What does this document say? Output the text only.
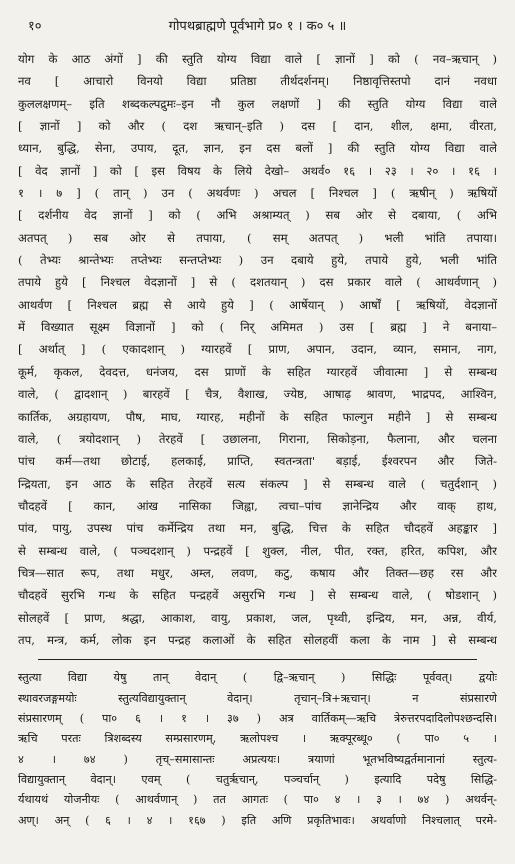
१०	गोपथब्राह्मणे पूर्वभागे प्र० १ । क० ५ ॥
योग के आठ अंगों ] की स्तुति योग्य विद्या वाले [ ज्ञानों ] को ( नव–ऋचान् )
नव [ आचारो विनयो विद्या प्रतिष्ठा तीर्थदर्शनम्। निष्ठावृत्तिस्तपो दानं नवधा
कुललक्षणम्– इति शब्दकल्पद्रुमः–इन नौ कुल लक्षणों ] की स्तुति योग्य विद्या वाले
[ ज्ञानों ] को और ( दश ऋचान्–इति ) दस [ दान, शील, क्षमा, वीरता,
ध्यान, बुद्धि, सेना, उपाय, दूत, ज्ञान, इन दस बलों ] की स्तुति योग्य विद्या वाले
[ वेद ज्ञानों ] को [ इस विषय के लिये देखो– अथर्व० १६ । २३ । २० । १६ ।
१ । ७ ] ( तान् ) उन ( अथर्वणः ) अचल [ निश्चल ] ( ऋषीन् ) ऋषियों
[ दर्शनीय वेद ज्ञानों ] को ( अभि अश्राम्यत् ) सब ओर से दबाया, ( अभि
अतपत् ) सब ओर से तपाया, ( सम् अतपत् ) भली भांति तपाया।
( तेभ्यः श्रान्तेभ्यः तप्तेभ्यः सन्तप्तेभ्यः ) उन दबाये हुये, तपाये हुये, भली भांति
तपाये हुये [ निश्चल वेदज्ञानों ] से ( दशतयान् ) दस प्रकार वाले ( आथर्वणान् )
आथर्वण [ निश्चल ब्रह्म से आये हुये ] ( आर्षेयान् ) आर्षों [ ऋषियों, वेदज्ञानों
में विख्यात सूक्ष्म विज्ञानों ] को ( निर् अमिमत ) उस [ ब्रह्म ] ने बनाया–
[ अर्थात् ] ( एकादशान् ) ग्यारहवें [ प्राण, अपान, उदान, व्यान, समान, नाग,
कूर्म, कृकल, देवदत्त, धनंजय, दस प्राणों के सहित ग्यारहवें जीवात्मा ] से सम्बन्ध
वाले, ( द्वादशान् ) बारहवें [ चैत्र, वैशाख, ज्येष्ठ, आषाढ़ श्रावण, भाद्रपद, आश्विन,
कार्तिक, अग्रहायण, पौष, माघ, ग्यारह, महीनों के सहित फाल्गुन महीने ] से सम्बन्ध
वाले, ( त्रयोदशान् ) तेरहवें [ उछालना, गिराना, सिकोड़ना, फैलाना, और चलना
पांच कर्म—तथा छोटाई, हलकाई, प्राप्ति, स्वतन्त्रता' बड़ाई, ईश्वरपन और जिते-
न्द्रियता, इन आठ के सहित तेरहवें सत्य संकल्प ] से सम्बन्ध वाले ( चतुर्दशान् )
चौदहवें [ कान, आंख नासिका जिह्वा, त्वचा–पांच ज्ञानेन्द्रिय और वाक् हाथ,
पांव, पायु, उपस्थ पांच कर्मेन्द्रिय तथा मन, बुद्धि, चित्त के सहित चौदहवें अहङ्कार ]
से सम्बन्ध वाले, ( पञ्चदशान् ) पन्द्रहवें [ शुक्ल, नील, पीत, रक्त, हरित, कपिश, और
चित्र—सात रूप, तथा मधुर, अम्ल, लवण, कटु, कषाय और तिक्त—छह रस और
चौदहवें सुरभि गन्ध के सहित पन्द्रहवें असुरभि गन्ध ] से सम्बन्ध वाले, ( षोडशान् )
सोलहवें [ प्राण, श्रद्धा, आकाश, वायु, प्रकाश, जल, पृथ्वी, इन्द्रिय, मन, अन्न, वीर्य,
तप, मन्त्र, कर्म, लोक इन पन्द्रह कलाओं के सहित सोलहवीं कला के नाम ] से सम्बन्ध
स्तुत्या विद्या येषु तान् वेदान् ( द्वि–ऋचान् ) सिद्धिः पूर्ववत्। द्वयोः
स्थावरजङ्गमयोः स्तुत्यविद्यायुक्तान् वेदान्। तृचान्–त्रि+ऋचान्। न संप्रसारणे
संप्रसारणम् ( पा० ६ । १ । ३७ ) अत्र वार्तिकम्—ऋचि त्रेरुत्तरपदादिलोपश्छन्दसि।
ऋचि परतः त्रिशब्दस्य सम्प्रसारणम्, ऋलोपश्च । ऋक्पूरब्धू० ( पा० ५ ।
४ । ७४ ) तृच्–समासान्तः अप्रत्ययः। त्रयाणां भूतभविष्यद्वर्तमानानां स्तुत्य-
विद्यायुक्तान् वेदान्। एवम् ( चतुर्ऋचान्, पञ्चर्चान् ) इत्यादि पदेषु सिद्धि-
र्यथायथं योजनीयः ( आथर्वणान् ) तत आगतः ( पा० ४ । ३ । ७४ ) अथर्वन्-
अण्। अन् ( ६ । ४ । १६७ ) इति अणि प्रकृतिभावः। अथर्वाणो निश्चलात् परमे-
